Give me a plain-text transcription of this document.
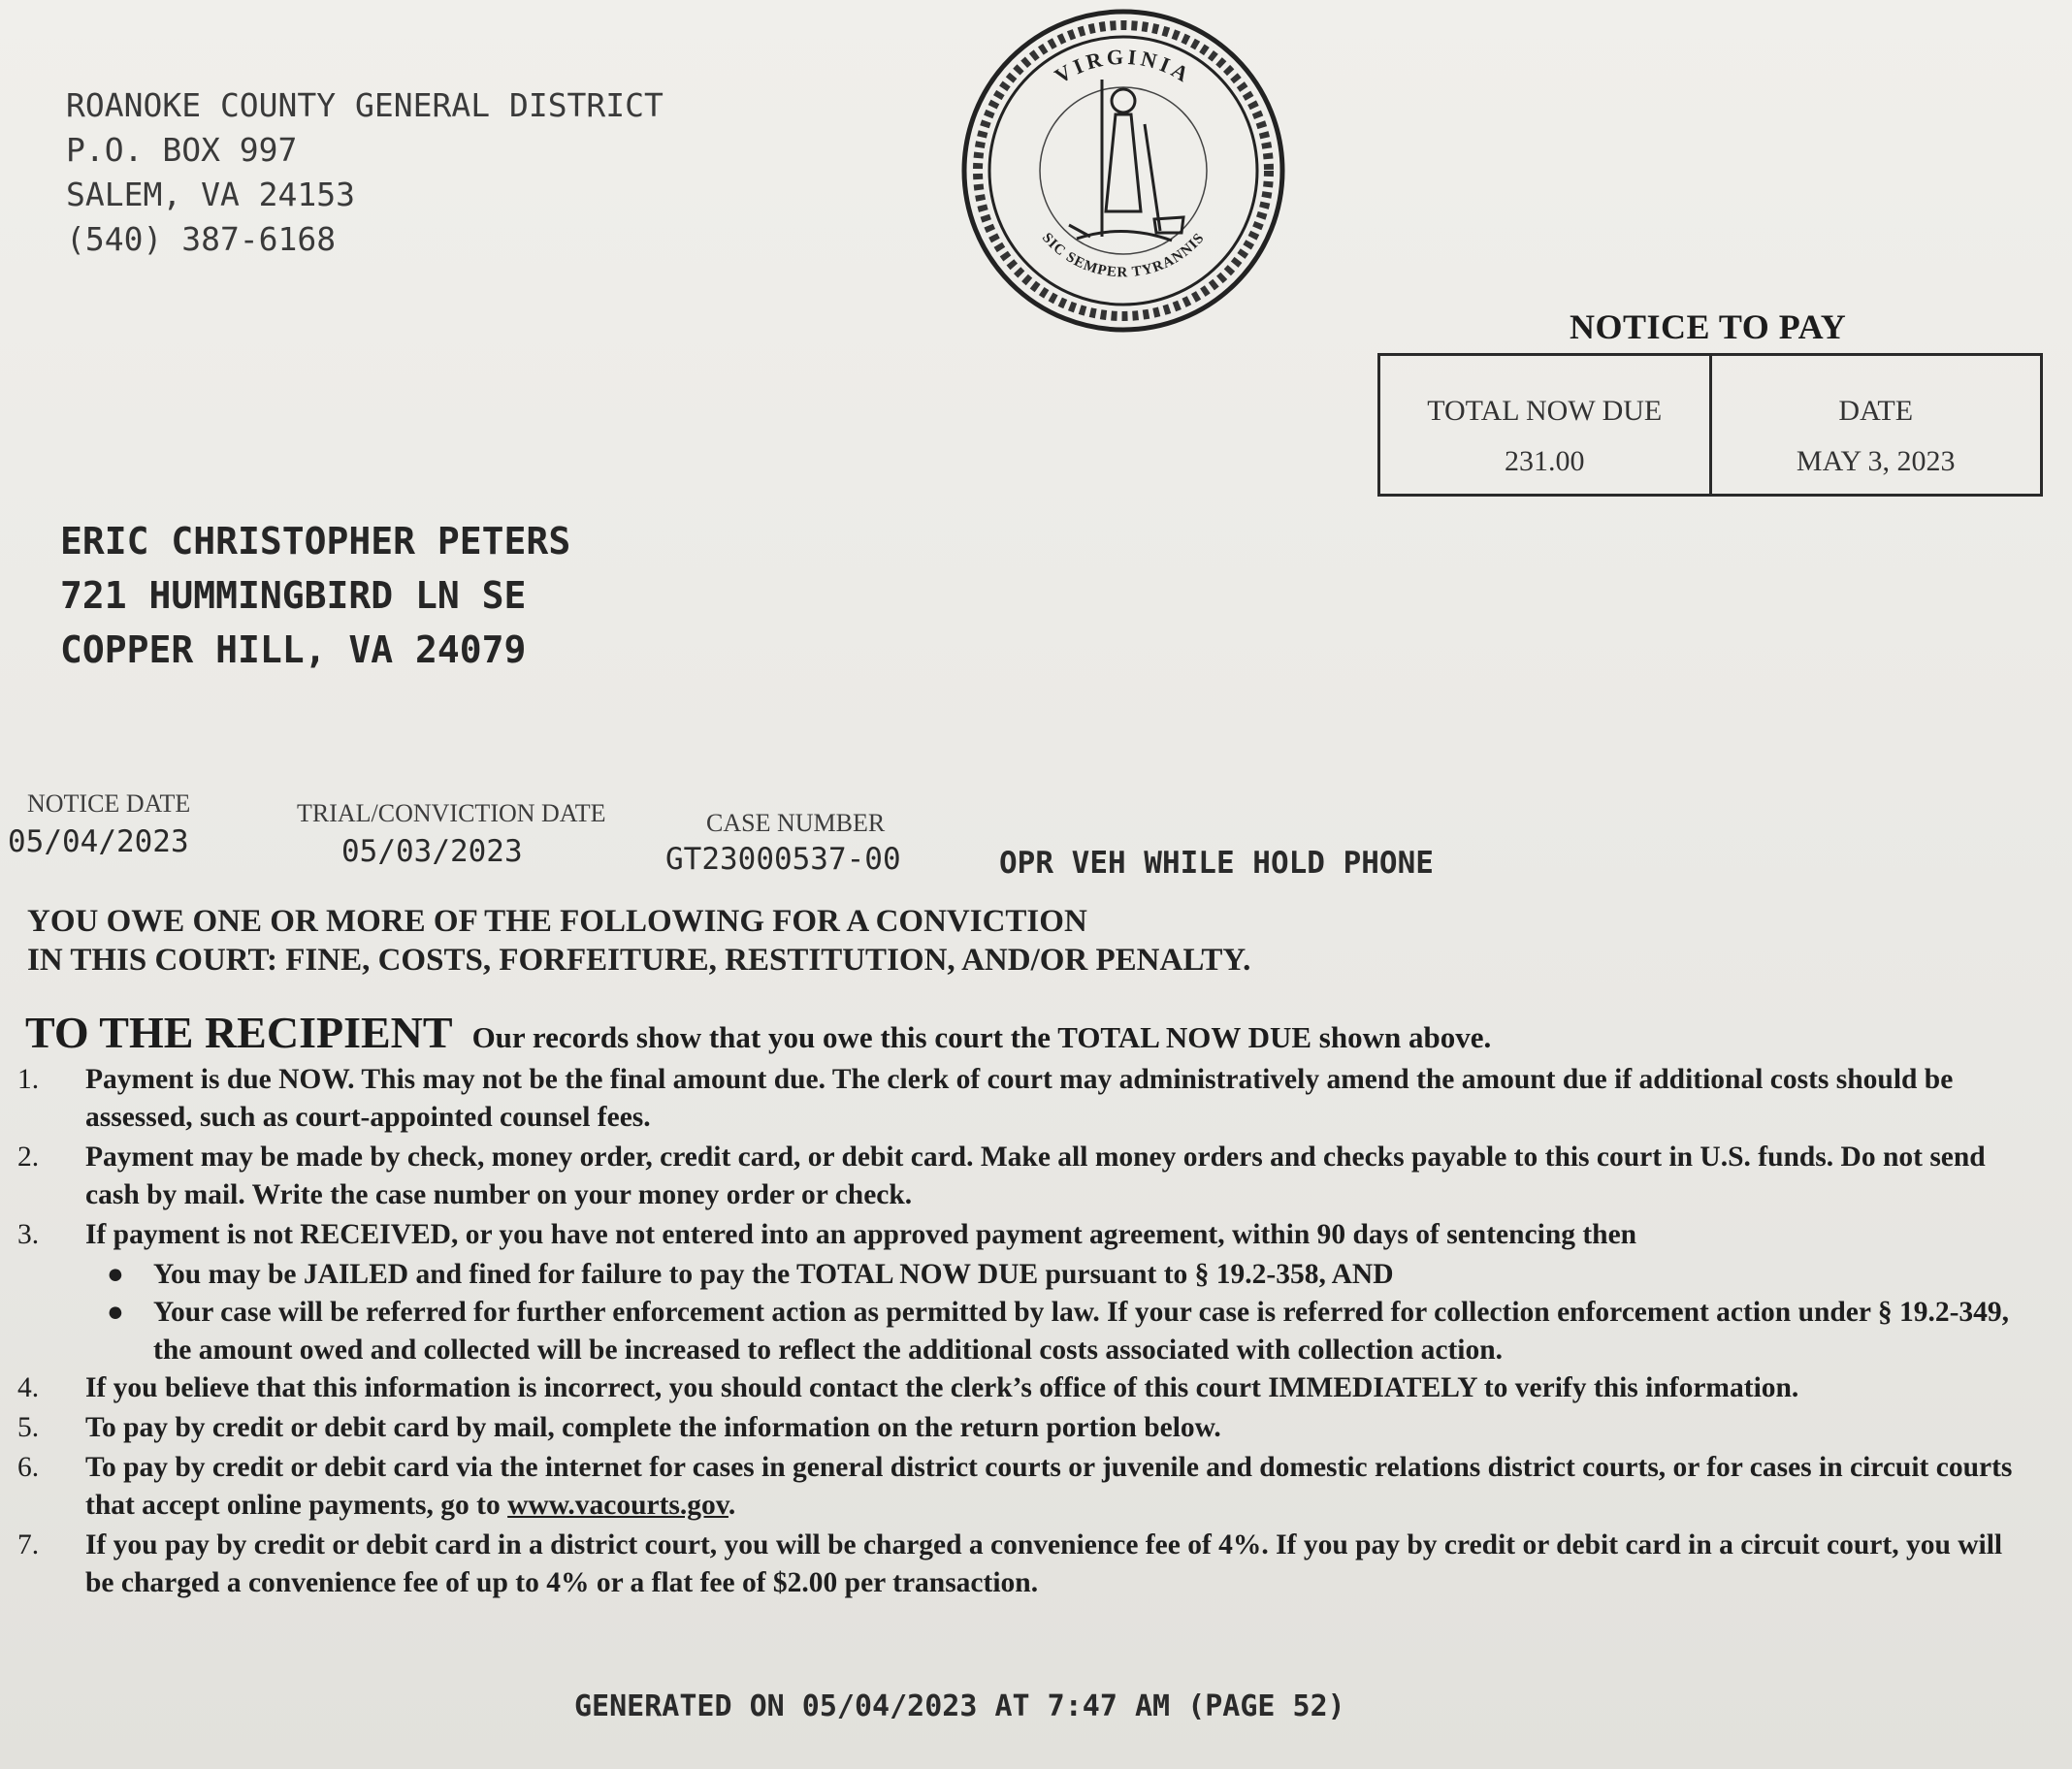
ROANOKE COUNTY GENERAL DISTRICT
P.O. BOX 997
SALEM, VA 24153
(540) 387-6168
VIRGINIA
SIC SEMPER TYRANNIS
NOTICE TO PAY
TOTAL NOW DUE
231.00
DATE
MAY 3, 2023
ERIC CHRISTOPHER PETERS
721 HUMMINGBIRD LN SE
COPPER HILL, VA 24079
NOTICE DATE
05/04/2023
TRIAL/CONVICTION DATE
05/03/2023
CASE NUMBER
GT23000537-00	OPR VEH WHILE HOLD PHONE
YOU OWE ONE OR MORE OF THE FOLLOWING FOR A CONVICTION
IN THIS COURT: FINE, COSTS, FORFEITURE, RESTITUTION, AND/OR PENALTY.
TO THE RECIPIENT Our records show that you owe this court the TOTAL NOW DUE shown above.
1. Payment is due NOW. This may not be the final amount due. The clerk of court may administratively amend the amount due if additional costs should be assessed, such as court-appointed counsel fees.
2. Payment may be made by check, money order, credit card, or debit card. Make all money orders and checks payable to this court in U.S. funds. Do not send cash by mail. Write the case number on your money order or check.
3. If payment is not RECEIVED, or you have not entered into an approved payment agreement, within 90 days of sentencing then
● You may be JAILED and fined for failure to pay the TOTAL NOW DUE pursuant to § 19.2-358, AND
● Your case will be referred for further enforcement action as permitted by law. If your case is referred for collection enforcement action under § 19.2-349, the amount owed and collected will be increased to reflect the additional costs associated with collection action.
4. If you believe that this information is incorrect, you should contact the clerk’s office of this court IMMEDIATELY to verify this information.
5. To pay by credit or debit card by mail, complete the information on the return portion below.
6. To pay by credit or debit card via the internet for cases in general district courts or juvenile and domestic relations district courts, or for cases in circuit courts that accept online payments, go to www.vacourts.gov.
7. If you pay by credit or debit card in a district court, you will be charged a convenience fee of 4%. If you pay by credit or debit card in a circuit court, you will be charged a convenience fee of up to 4% or a flat fee of $2.00 per transaction.
GENERATED ON 05/04/2023 AT 7:47 AM (PAGE 52)
